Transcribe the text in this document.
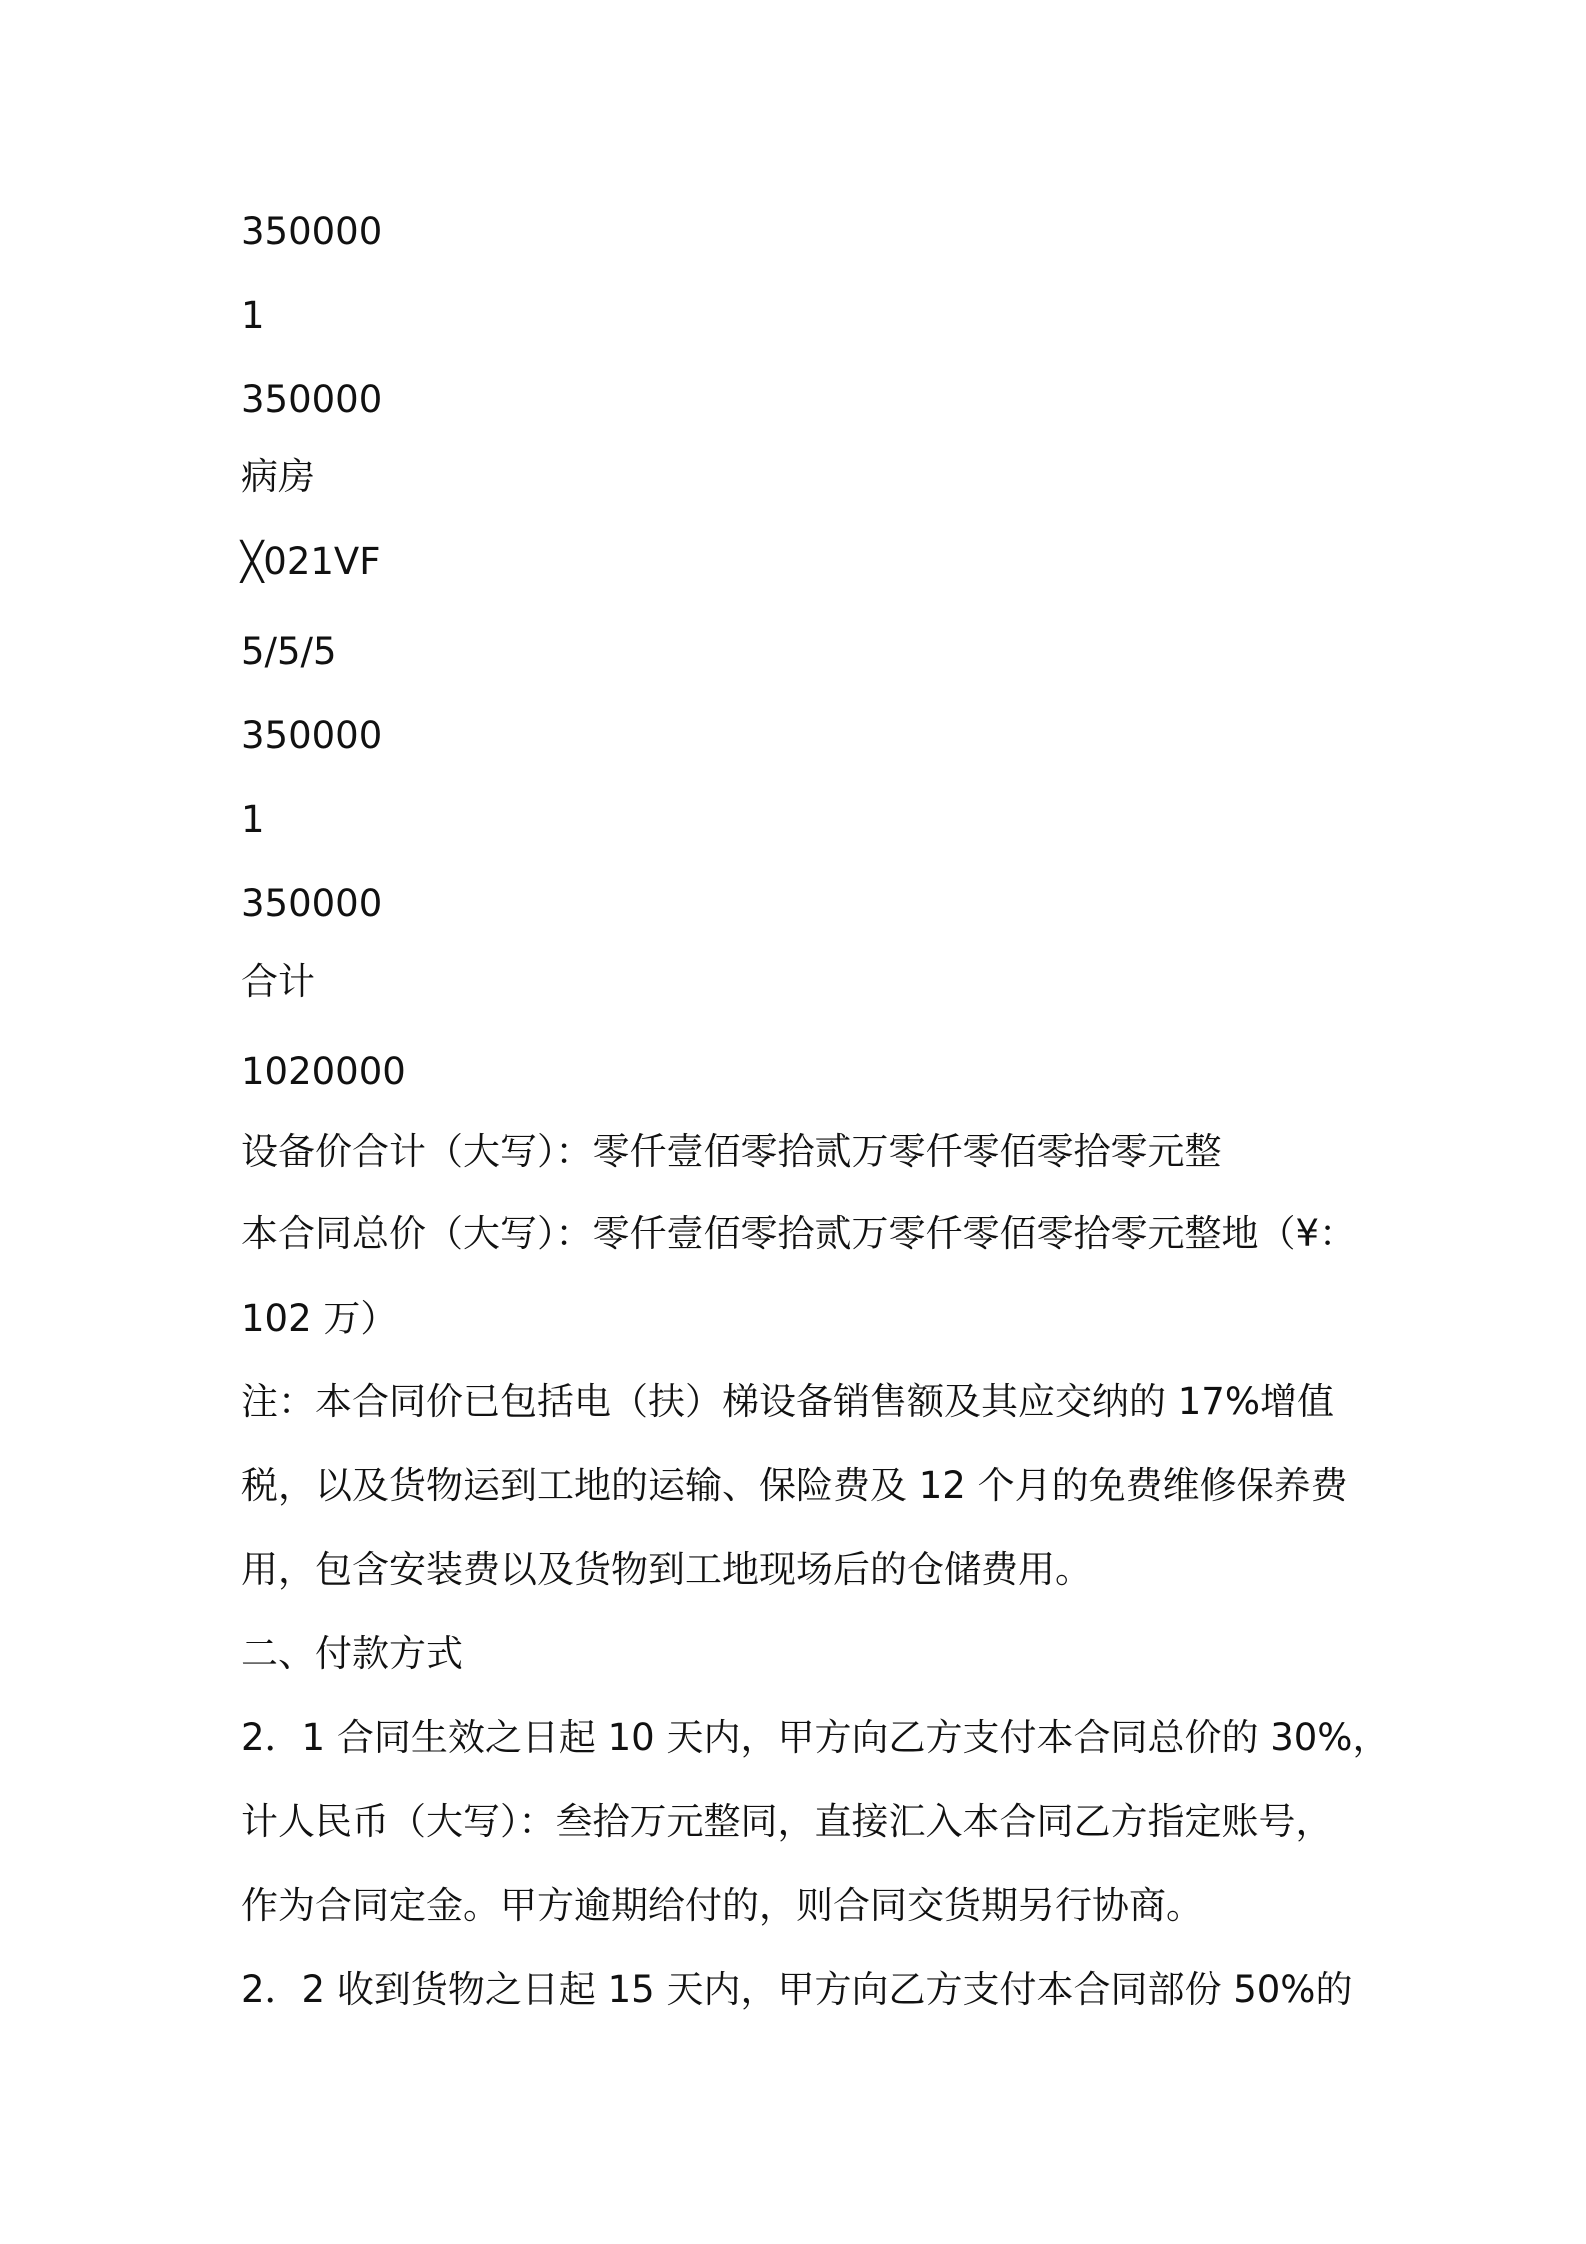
350000

1

350000

病房

╳021VF

5/5/5

350000

1

350000

合计

1020000

设备价合计（大写）：零仟壹佰零拾贰万零仟零佰零拾零元整

本合同总价（大写）：零仟壹佰零拾贰万零仟零佰零拾零元整地（¥：

102 万）

注：本合同价已包括电（扶）梯设备销售额及其应交纳的 17%增值

税，以及货物运到工地的运输、保险费及 12 个月的免费维修保养费

用，包含安装费以及货物到工地现场后的仓储费用。

二、付款方式

2．1 合同生效之日起 10 天内，甲方向乙方支付本合同总价的 30%，

计人民币（大写）：叁拾万元整同，直接汇入本合同乙方指定账号，

作为合同定金。甲方逾期给付的，则合同交货期另行协商。

2．2 收到货物之日起 15 天内，甲方向乙方支付本合同部份 50%的
